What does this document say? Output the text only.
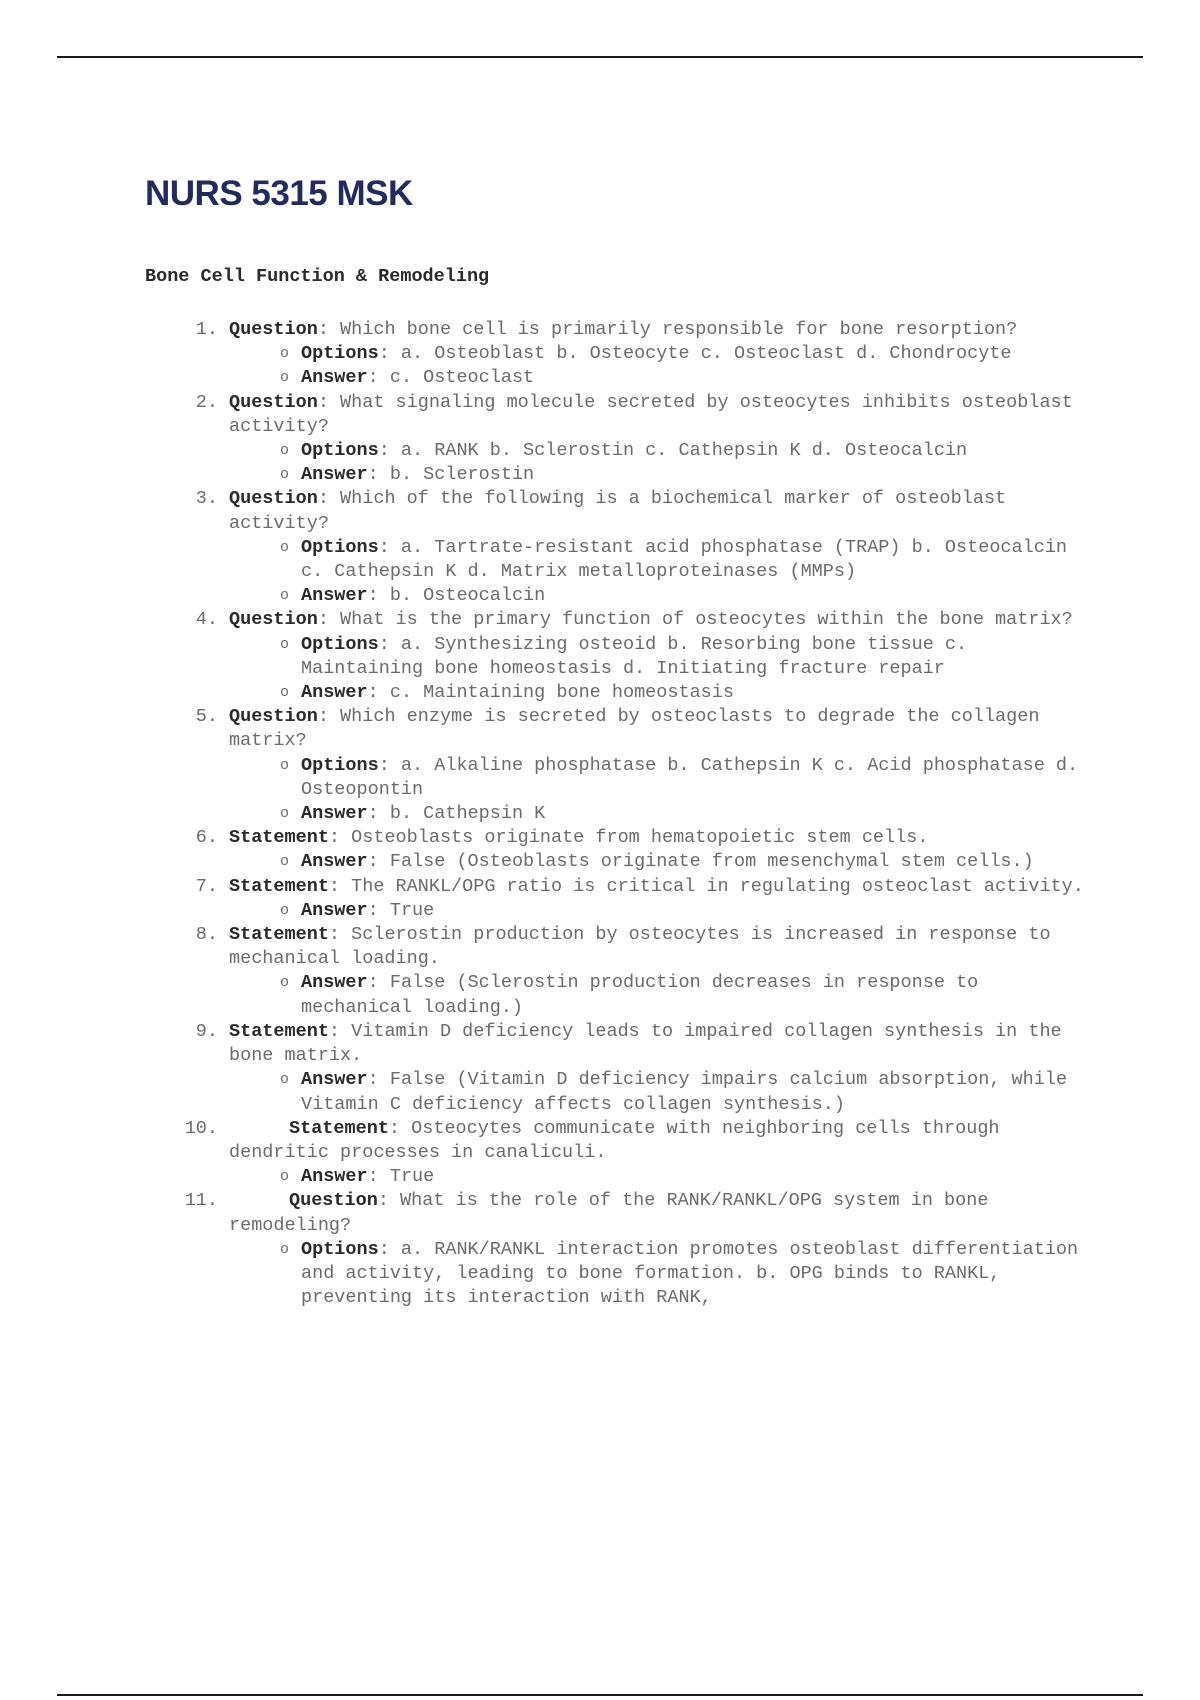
NURS 5315 MSK
Bone Cell Function & Remodeling
1. Question: Which bone cell is primarily responsible for bone resorption?
o Options: a. Osteoblast b. Osteocyte c. Osteoclast d. Chondrocyte
o Answer: c. Osteoclast
2. Question: What signaling molecule secreted by osteocytes inhibits osteoblast activity?
o Options: a. RANK b. Sclerostin c. Cathepsin K d. Osteocalcin
o Answer: b. Sclerostin
3. Question: Which of the following is a biochemical marker of osteoblast activity?
o Options: a. Tartrate-resistant acid phosphatase (TRAP) b. Osteocalcin c. Cathepsin K d. Matrix metalloproteinases (MMPs)
o Answer: b. Osteocalcin
4. Question: What is the primary function of osteocytes within the bone matrix?
o Options: a. Synthesizing osteoid b. Resorbing bone tissue c. Maintaining bone homeostasis d. Initiating fracture repair
o Answer: c. Maintaining bone homeostasis
5. Question: Which enzyme is secreted by osteoclasts to degrade the collagen matrix?
o Options: a. Alkaline phosphatase b. Cathepsin K c. Acid phosphatase d. Osteopontin
o Answer: b. Cathepsin K
6. Statement: Osteoblasts originate from hematopoietic stem cells.
o Answer: False (Osteoblasts originate from mesenchymal stem cells.)
7. Statement: The RANKL/OPG ratio is critical in regulating osteoclast activity.
o Answer: True
8. Statement: Sclerostin production by osteocytes is increased in response to mechanical loading.
o Answer: False (Sclerostin production decreases in response to mechanical loading.)
9. Statement: Vitamin D deficiency leads to impaired collagen synthesis in the bone matrix.
o Answer: False (Vitamin D deficiency impairs calcium absorption, while Vitamin C deficiency affects collagen synthesis.)
10.	Statement: Osteocytes communicate with neighboring cells through dendritic processes in canaliculi.
o Answer: True
11.	Question: What is the role of the RANK/RANKL/OPG system in bone remodeling?
o Options: a. RANK/RANKL interaction promotes osteoblast differentiation and activity, leading to bone formation. b. OPG binds to RANKL, preventing its interaction with RANK,
